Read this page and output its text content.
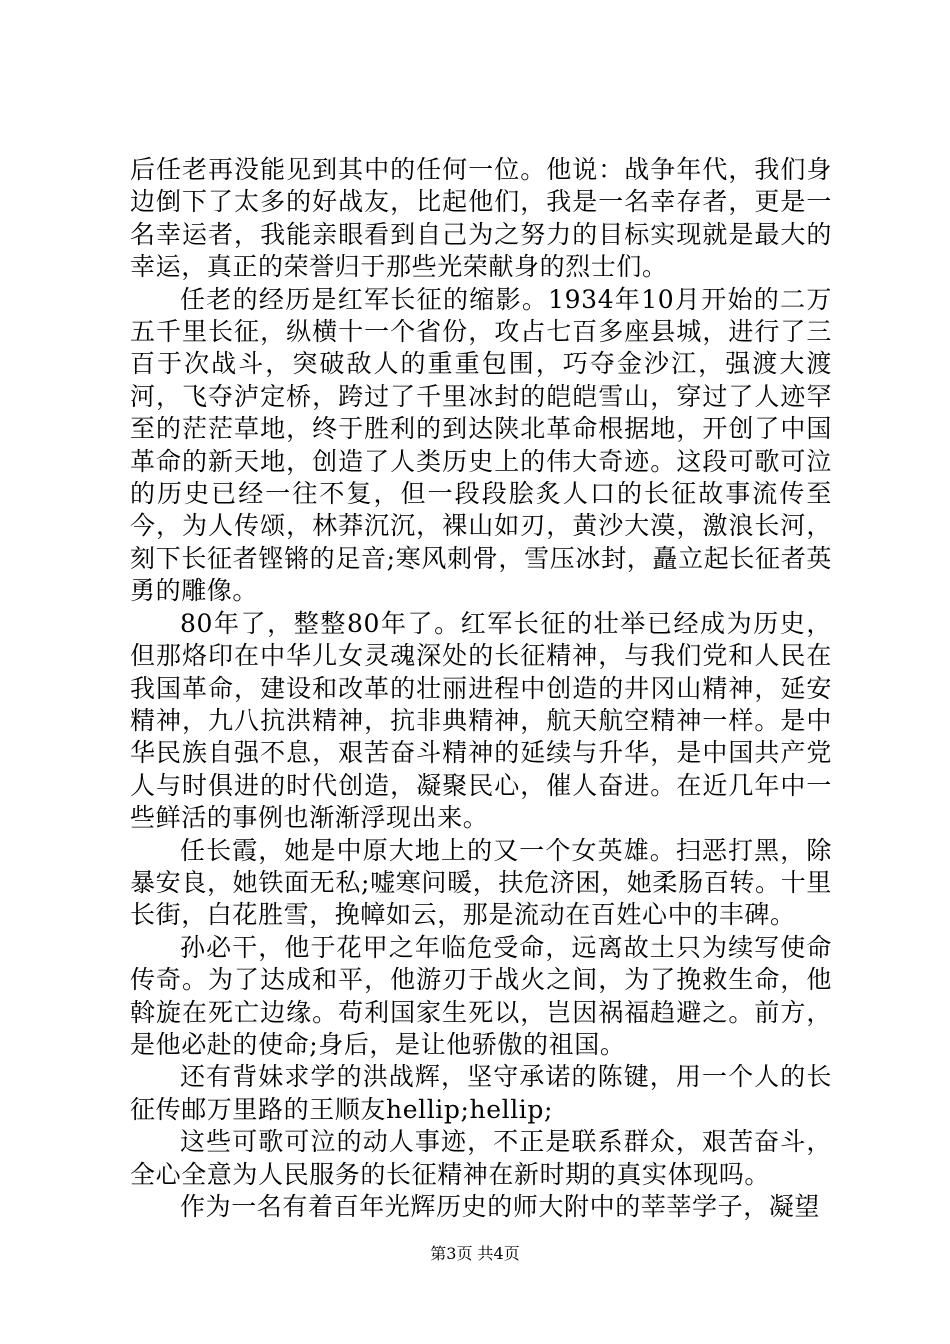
后任老再没能见到其中的任何一位。他说：战争年代，我们身边倒下了太多的好战友，比起他们，我是一名幸存者，更是一名幸运者，我能亲眼看到自己为之努力的目标实现就是最大的幸运，真正的荣誉归于那些光荣献身的烈士们。

任老的经历是红军长征的缩影。1934年10月开始的二万五千里长征，纵横十一个省份，攻占七百多座县城，进行了三百于次战斗，突破敌人的重重包围，巧夺金沙江，强渡大渡河，飞夺泸定桥，跨过了千里冰封的皑皑雪山，穿过了人迹罕至的茫茫草地，终于胜利的到达陕北革命根据地，开创了中国革命的新天地，创造了人类历史上的伟大奇迹。这段可歌可泣的历史已经一往不复，但一段段脍炙人口的长征故事流传至今，为人传颂，林莽沉沉，裸山如刃，黄沙大漠，激浪长河，刻下长征者铿锵的足音;寒风刺骨，雪压冰封，矗立起长征者英勇的雕像。

80年了，整整80年了。红军长征的壮举已经成为历史，但那烙印在中华儿女灵魂深处的长征精神，与我们党和人民在我国革命，建设和改革的壮丽进程中创造的井冈山精神，延安精神，九八抗洪精神，抗非典精神，航天航空精神一样。是中华民族自强不息，艰苦奋斗精神的延续与升华，是中国共产党人与时俱进的时代创造，凝聚民心，催人奋进。在近几年中一些鲜活的事例也渐渐浮现出来。

任长霞，她是中原大地上的又一个女英雄。扫恶打黑，除暴安良，她铁面无私;嘘寒问暖，扶危济困，她柔肠百转。十里长街，白花胜雪，挽幛如云，那是流动在百姓心中的丰碑。

孙必干，他于花甲之年临危受命，远离故土只为续写使命传奇。为了达成和平，他游刃于战火之间，为了挽救生命，他斡旋在死亡边缘。苟利国家生死以，岂因祸福趋避之。前方，是他必赴的使命;身后，是让他骄傲的祖国。

还有背妹求学的洪战辉，坚守承诺的陈键，用一个人的长征传邮万里路的王顺友hellip;hellip;

这些可歌可泣的动人事迹，不正是联系群众，艰苦奋斗，全心全意为人民服务的长征精神在新时期的真实体现吗。

作为一名有着百年光辉历史的师大附中的莘莘学子，凝望

第3页 共4页
